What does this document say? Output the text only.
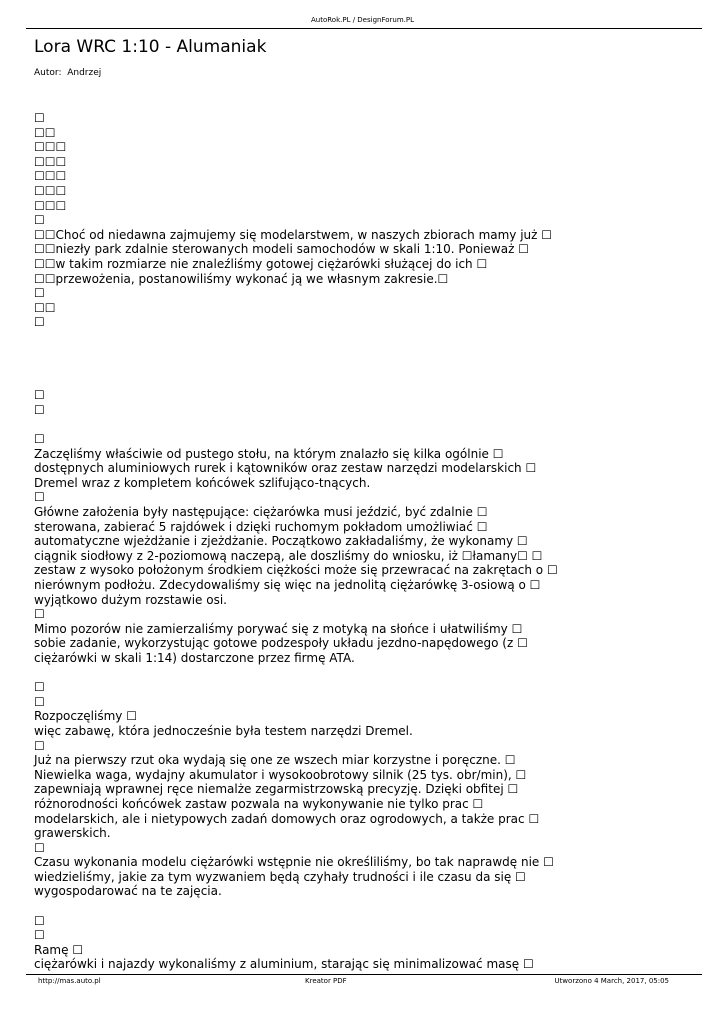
AutoRok.PL / DesignForum.PL
Lora WRC 1:10 - Alumaniak
Autor: Andrzej
☐
☐☐
☐☐☐
☐☐☐
☐☐☐
☐☐☐
☐☐☐
☐
☐☐Choć od niedawna zajmujemy się modelarstwem, w naszych zbiorach mamy już ☐
☐☐niezły park zdalnie sterowanych modeli samochodów w skali 1:10. Ponieważ ☐
☐☐w takim rozmiarze nie znaleźliśmy gotowej ciężarówki służącej do ich ☐
☐☐przewożenia, postanowiliśmy wykonać ją we własnym zakresie.☐
☐
☐☐
☐
☐
☐
☐
Zaczęliśmy właściwie od pustego stołu, na którym znalazło się kilka ogólnie ☐
dostępnych aluminiowych rurek i kątowników oraz zestaw narzędzi modelarskich ☐
Dremel wraz z kompletem końcówek szlifująco-tnących.
☐
Główne założenia były następujące: ciężarówka musi jeździć, być zdalnie ☐
sterowana, zabierać 5 rajdówek i dzięki ruchomym pokładom umożliwiać ☐
automatyczne wjeżdżanie i zjeżdżanie. Początkowo zakładaliśmy, że wykonamy ☐
ciągnik siodłowy z 2-poziomową naczepą, ale doszliśmy do wniosku, iż ☐łamany☐ ☐
zestaw z wysoko położonym środkiem ciężkości może się przewracać na zakrętach o ☐
nierównym podłożu. Zdecydowaliśmy się więc na jednolitą ciężarówkę 3-osiową o ☐
wyjątkowo dużym rozstawie osi.
☐
Mimo pozorów nie zamierzaliśmy porywać się z motyką na słońce i ułatwiliśmy ☐
sobie zadanie, wykorzystując gotowe podzespoły układu jezdno-napędowego (z ☐
ciężarówki w skali 1:14) dostarczone przez firmę ATA.
☐
☐
Rozpoczęliśmy ☐
więc zabawę, która jednocześnie była testem narzędzi Dremel.
☐
Już na pierwszy rzut oka wydają się one ze wszech miar korzystne i poręczne. ☐
Niewielka waga, wydajny akumulator i wysokoobrotowy silnik (25 tys. obr/min), ☐
zapewniają wprawnej ręce niemalże zegarmistrzowską precyzję. Dzięki obfitej ☐
różnorodności końcówek zastaw pozwala na wykonywanie nie tylko prac ☐
modelarskich, ale i nietypowych zadań domowych oraz ogrodowych, a także prac ☐
grawerskich.
☐
Czasu wykonania modelu ciężarówki wstępnie nie określiliśmy, bo tak naprawdę nie ☐
wiedzieliśmy, jakie za tym wyzwaniem będą czyhały trudności i ile czasu da się ☐
wygospodarować na te zajęcia.
☐
☐
Ramę ☐
ciężarówki i najazdy wykonaliśmy z aluminium, starając się minimalizować masę ☐
http://mas.auto.pl	Kreator PDF	Utworzono 4 March, 2017, 05:05
